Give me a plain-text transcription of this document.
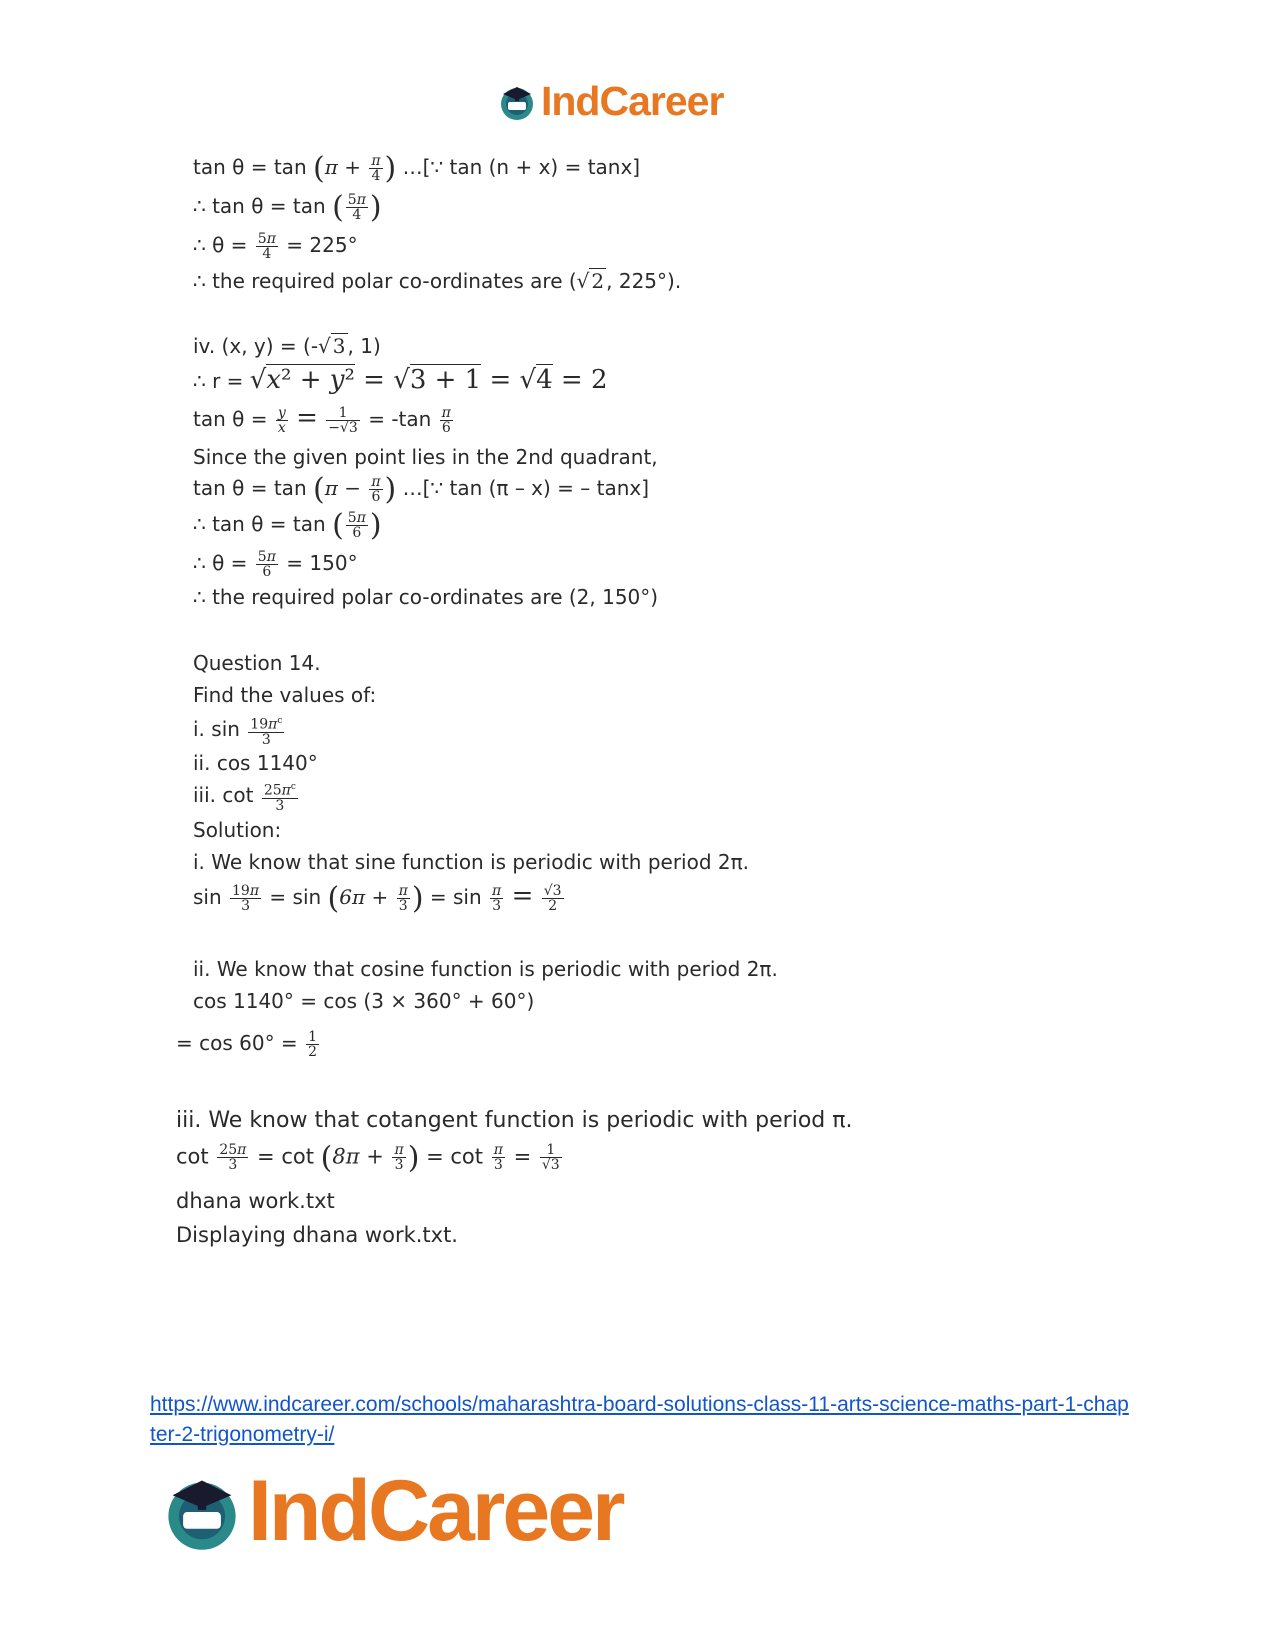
IndCareer
$\tan \theta = \tan (\pi + \frac{\pi}{4}$ ) …[∵ tan (n + x) = tanx]
∴ tan θ = tan ( $\frac{5\pi}{4}$ )
∴ $\theta = \frac{5\pi}{4} = 225^\circ$
∴ the required polar co-ordinates are (√ 2 , 225°).
iv. (x, y) = (-√ 3 , 1)
∴ r = √x² + y² = √3 + 1 = √4 = 2
$\tan \theta = \frac{y}{x} = \frac{1}{-√3} = -\tan \frac{\pi}{6}$
Since the given point lies in the 2nd quadrant,
$\tan \theta = \tan (\pi - \frac{\pi}{6}$ ) …[∵ tan (π – x) = – tanx]
∴ tan θ = tan ( $\frac{5\pi}{6}$ )
∴ $\theta = \frac{5\pi}{6} = 150^\circ$
∴ the required polar co-ordinates are (2, 150°)
Question 14.
Find the values of:
i. $\sin \frac{19\pi^c}{3}$
ii. cos 1140°
iii. $\cot \frac{25\pi^c}{3}$
Solution:
i. We know that sine function is periodic with period 2π.
$\sin \frac{19\pi}{3} = \sin (6\pi + \frac{\pi}{3}$ ) = $\sin \frac{\pi}{3} = \frac{√3}{2}$
ii. We know that cosine function is periodic with period 2π.
cos 1140° = cos (3 × 360° + 60°)
= $\cos 60^\circ = \frac{1}{2}$
iii. We know that cotangent function is periodic with period π.
$\cot \frac{25\pi}{3} = \cot (8\pi + \frac{\pi}{3}$ ) = $\cot \frac{\pi}{3} = \frac{1}{√3}$
dhana work.txt
Displaying dhana work.txt.
https://www.indcareer.com/schools/maharashtra-board-solutions-class-11-arts-science-maths-part-1-chapter-2-trigonometry-i/
IndCareer
